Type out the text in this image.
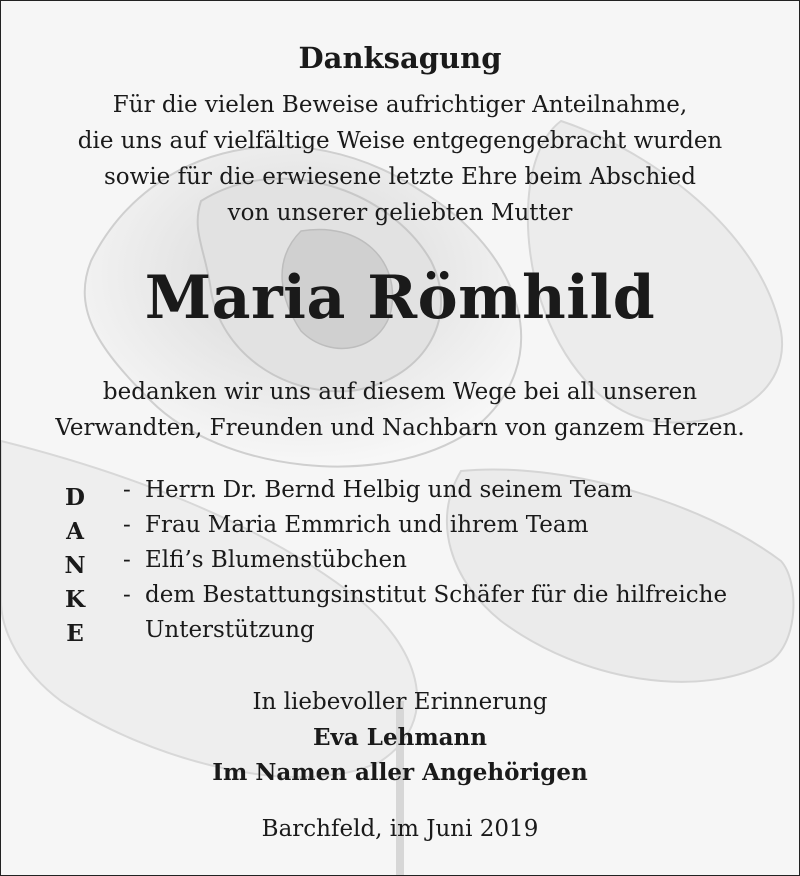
Danksagung
Für die vielen Beweise aufrichtiger Anteilnahme,
die uns auf vielfältige Weise entgegengebracht wurden
sowie für die erwiesene letzte Ehre beim Abschied
von unserer geliebten Mutter
Maria Römhild
bedanken wir uns auf diesem Wege bei all unseren
Verwandten, Freunden und Nachbarn von ganzem Herzen.
D
A
N
K
E
- Herrn Dr. Bernd Helbig und seinem Team
- Frau Maria Emmrich und ihrem Team
- Elfi’s Blumenstübchen
- dem Bestattungsinstitut Schäfer für die hilfreiche
Unterstützung
In liebevoller Erinnerung
Eva Lehmann
Im Namen aller Angehörigen
Barchfeld, im Juni 2019
